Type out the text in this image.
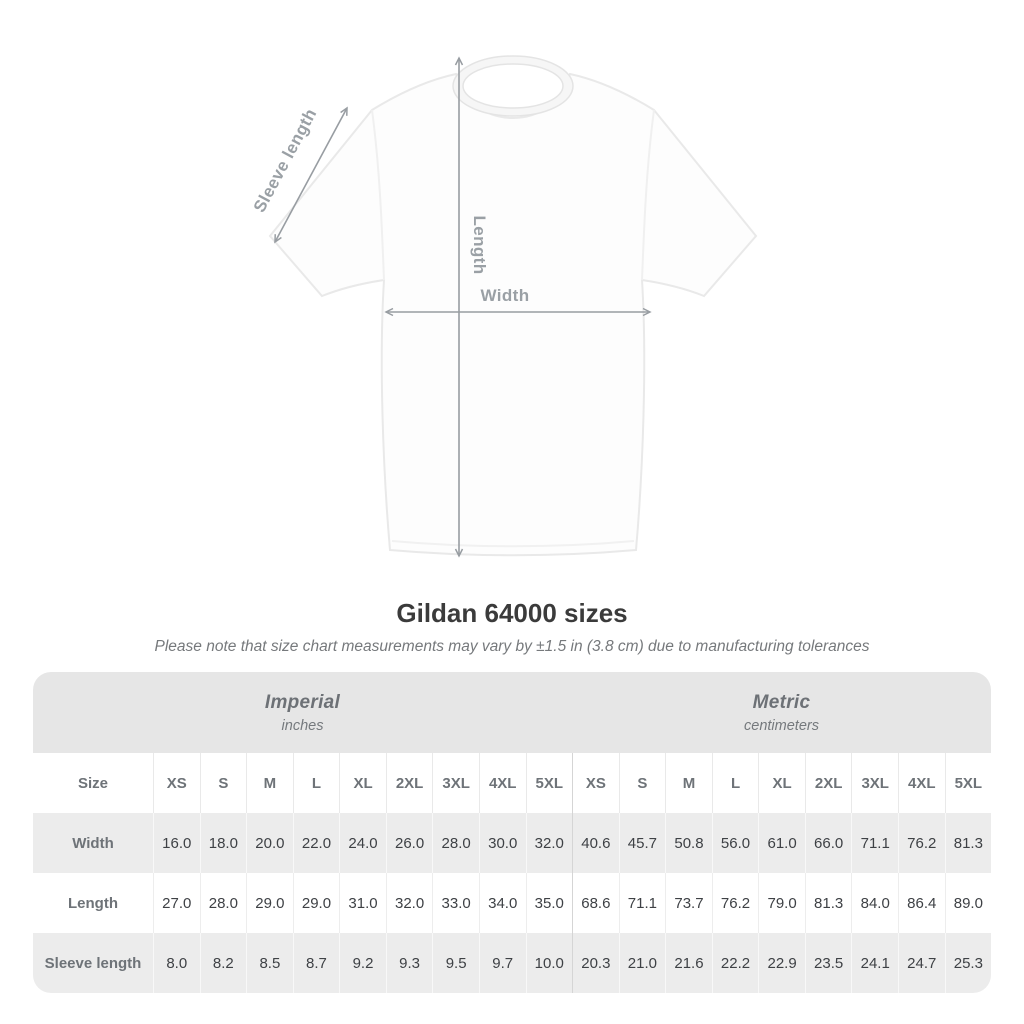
Length
Width
Sleeve length
Gildan 64000 sizes
Please note that size chart measurements may vary by ±1.5 in (3.8 cm) due to manufacturing tolerances
Imperial
inches
Metric
centimeters
Size	XS	S	M	L	XL	2XL	3XL	4XL	5XL	XS	S	M	L	XL	2XL	3XL	4XL	5XL
Width	16.0	18.0	20.0	22.0	24.0	26.0	28.0	30.0	32.0	40.6	45.7	50.8	56.0	61.0	66.0	71.1	76.2	81.3
Length	27.0	28.0	29.0	29.0	31.0	32.0	33.0	34.0	35.0	68.6	71.1	73.7	76.2	79.0	81.3	84.0	86.4	89.0
Sleeve length	8.0	8.2	8.5	8.7	9.2	9.3	9.5	9.7	10.0	20.3	21.0	21.6	22.2	22.9	23.5	24.1	24.7	25.3
